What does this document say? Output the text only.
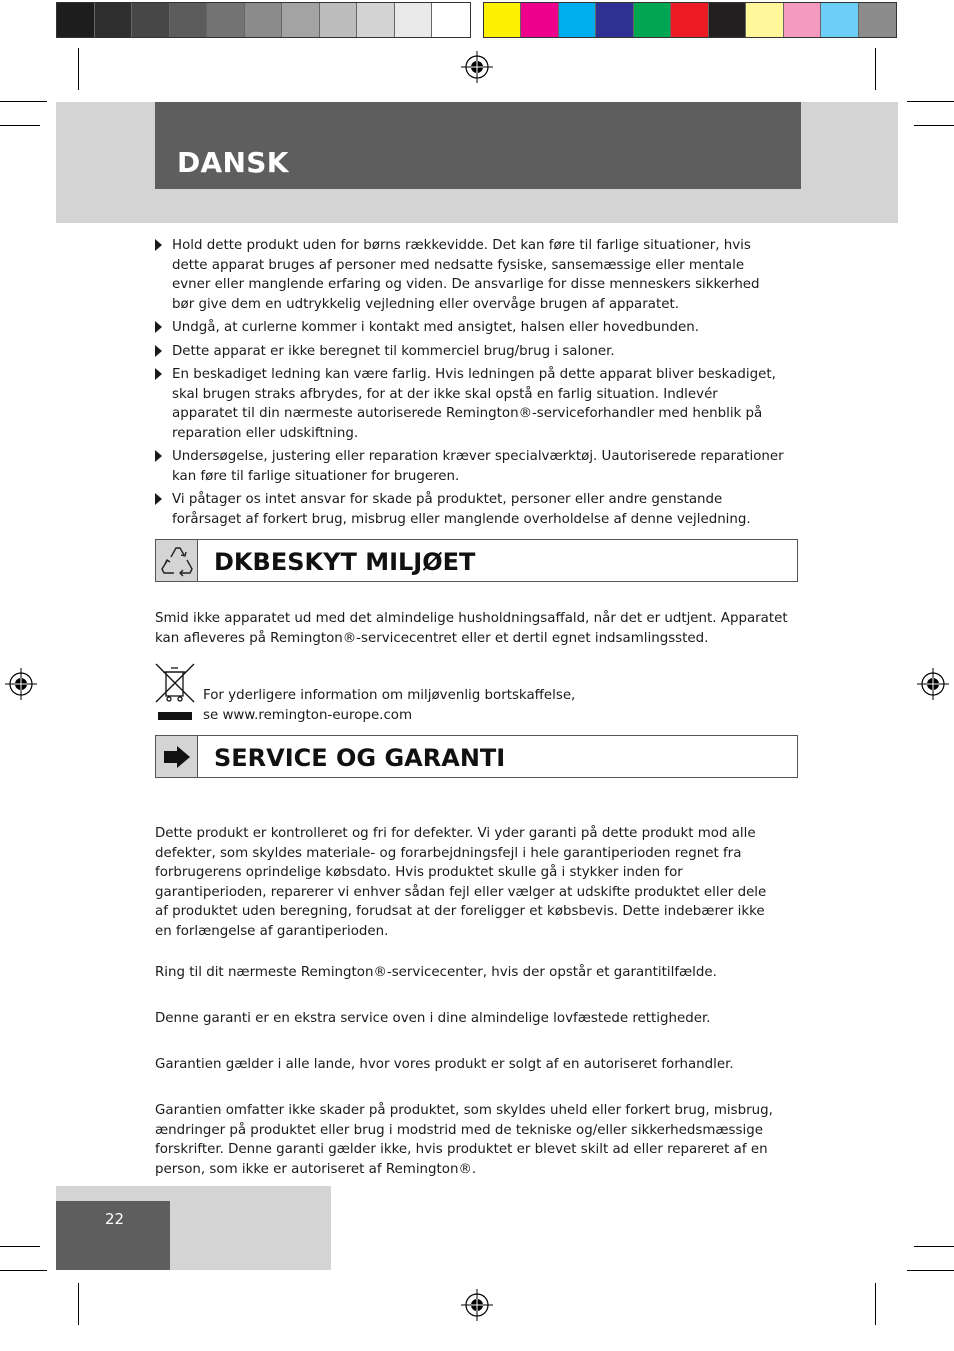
DANSK
Hold dette produkt uden for børns rækkevidde. Det kan føre til farlige situationer, hvis dette apparat bruges af personer med nedsatte fysiske, sansemæssige eller mentale evner eller manglende erfaring og viden. De ansvarlige for disse menneskers sikkerhed bør give dem en udtrykkelig vejledning eller overvåge brugen af apparatet.
Undgå, at curlerne kommer i kontakt med ansigtet, halsen eller hovedbunden.
Dette apparat er ikke beregnet til kommerciel brug/brug i saloner.
En beskadiget ledning kan være farlig. Hvis ledningen på dette apparat bliver beskadiget, skal brugen straks afbrydes, for at der ikke skal opstå en farlig situation. Indlevér apparatet til din nærmeste autoriserede Remington®-serviceforhandler med henblik på reparation eller udskiftning.
Undersøgelse, justering eller reparation kræver specialværktøj. Uautoriserede reparationer kan føre til farlige situationer for brugeren.
Vi påtager os intet ansvar for skade på produktet, personer eller andre genstande forårsaget af forkert brug, misbrug eller manglende overholdelse af denne vejledning.
DKBESKYT MILJØET
Smid ikke apparatet ud med det almindelige husholdningsaffald, når det er udtjent. Apparatet kan afleveres på Remington®-servicecentret eller et dertil egnet indsamlingssted.
For yderligere information om miljøvenlig bortskaffelse,
se www.remington-europe.com
SERVICE OG GARANTI
Dette produkt er kontrolleret og fri for defekter. Vi yder garanti på dette produkt mod alle defekter, som skyldes materiale- og forarbejdningsfejl i hele garantiperioden regnet fra forbrugerens oprindelige købsdato. Hvis produktet skulle gå i stykker inden for garantiperioden, reparerer vi enhver sådan fejl eller vælger at udskifte produktet eller dele af produktet uden beregning, forudsat at der foreligger et købsbevis. Dette indebærer ikke en forlængelse af garantiperioden.
Ring til dit nærmeste Remington®-servicecenter, hvis der opstår et garantitilfælde.
Denne garanti er en ekstra service oven i dine almindelige lovfæstede rettigheder.
Garantien gælder i alle lande, hvor vores produkt er solgt af en autoriseret forhandler.
Garantien omfatter ikke skader på produktet, som skyldes uheld eller forkert brug, misbrug, ændringer på produktet eller brug i modstrid med de tekniske og/eller sikkerhedsmæssige forskrifter. Denne garanti gælder ikke, hvis produktet er blevet skilt ad eller repareret af en person, som ikke er autoriseret af Remington®.
22
